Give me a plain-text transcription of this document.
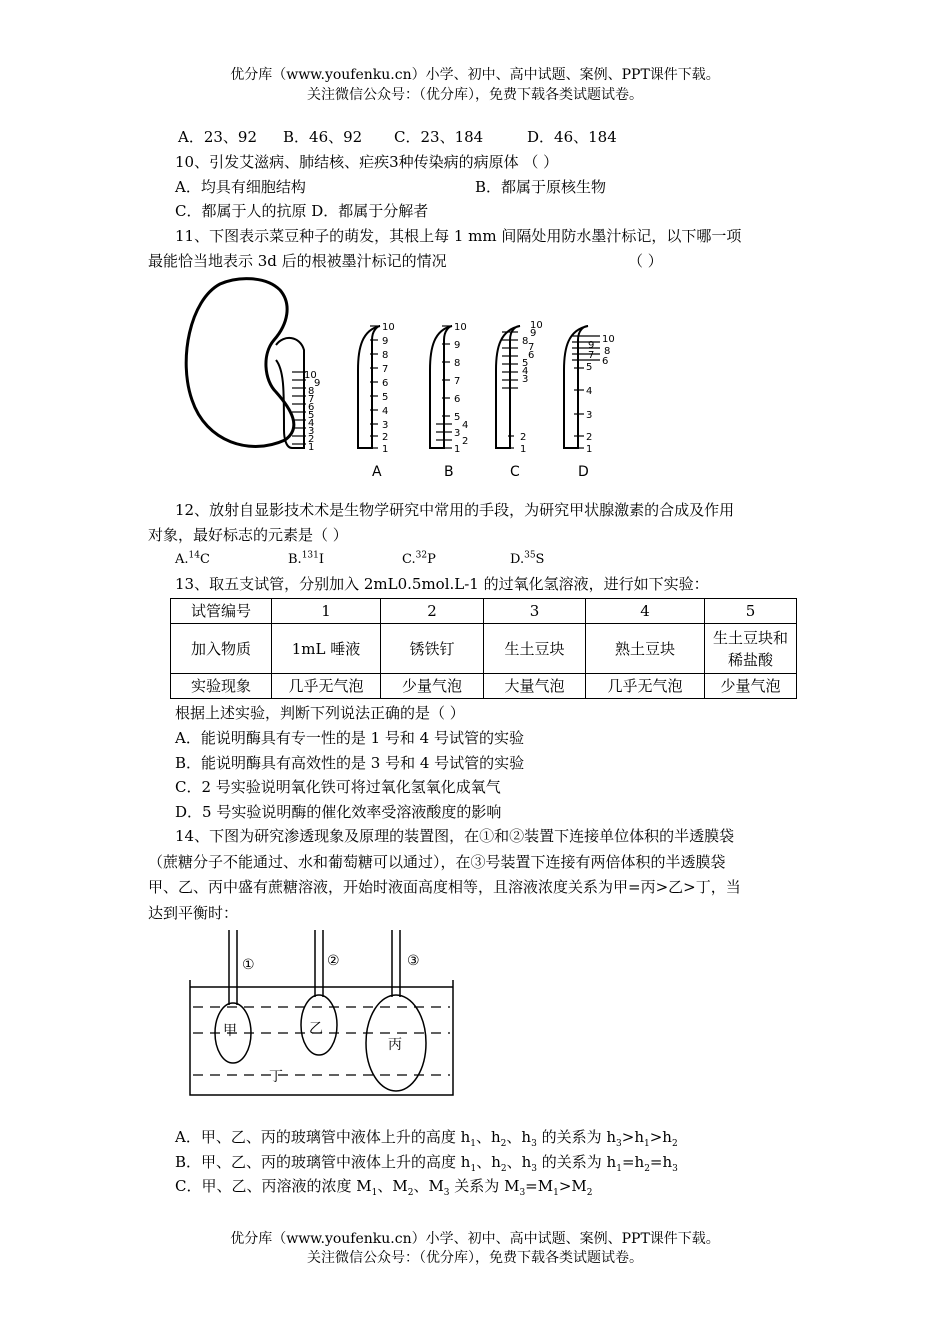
优分库（www.youfenku.cn）小学、初中、高中试题、案例、PPT课件下载。
关注微信公众号：（优分库），免费下载各类试题试卷。
A．23、92 B．46、92 C．23、184	D．46、184
10、引发艾滋病、肺结核、疟疾3种传染病的病原体 （ ）
A．均具有细胞结构	B．都属于原核生物
C．都属于人的抗原 D．都属于分解者
11、下图表示菜豆种子的萌发，其根上每 1 mm 间隔处用防水墨汁标记，以下哪一项
最能恰当地表示 3d 后的根被墨汁标记的情况	（ ）
1
2
3
4
5
6
7
8
9
10
1
2
3
4
5
6
7
8
9
10
1
2
3
4
5
6
7
8
9
10
1
2
3
4
5
6
7
8
9
10
1
2
3
4
5
6
7 8
9
10
A	B	C	D
12、放射自显影技术术是生物学研究中常用的手段，为研究甲状腺激素的合成及作用
对象，最好标志的元素是（ ）
A.$^{14}$C	B.$^{131}$I	C.$^{32}$P	D.$^{35}$S
13、取五支试管，分别加入 2mL0.5mol.L-1 的过氧化氢溶液，进行如下实验：
试管编号	1	2	3	4	5
加入物质	1mL 唾液	锈铁钉	生土豆块	熟土豆块	生土豆块和
稀盐酸
实验现象	几乎无气泡	少量气泡	大量气泡	几乎无气泡	少量气泡
根据上述实验，判断下列说法正确的是（ ）
A．能说明酶具有专一性的是 1 号和 4 号试管的实验
B．能说明酶具有高效性的是 3 号和 4 号试管的实验
C．2 号实验说明氧化铁可将过氧化氢氧化成氧气
D．5 号实验说明酶的催化效率受溶液酸度的影响
14、下图为研究渗透现象及原理的装置图，在①和②装置下连接单位体积的半透膜袋
（蔗糖分子不能通过、水和葡萄糖可以通过），在③号装置下连接有两倍体积的半透膜袋
甲、乙、丙中盛有蔗糖溶液，开始时液面高度相等，且溶液浓度关系为甲=丙>乙>丁，当
达到平衡时：
①	②	③
甲	乙
丙
丁
A．甲、乙、丙的玻璃管中液体上升的高度 $h_1$、$h_2$、$h_3$ 的关系为 $h_3>h_1>h_2$
B．甲、乙、丙的玻璃管中液体上升的高度 $h_1$、$h_2$、$h_3$ 的关系为 $h_1=h_2=h_3$
C．甲、乙、丙溶液的浓度 $M_1$、$M_2$、$M_3$ 关系为 $M_3=M_1>M_2$
优分库（www.youfenku.cn）小学、初中、高中试题、案例、PPT课件下载。
关注微信公众号：（优分库），免费下载各类试题试卷。
